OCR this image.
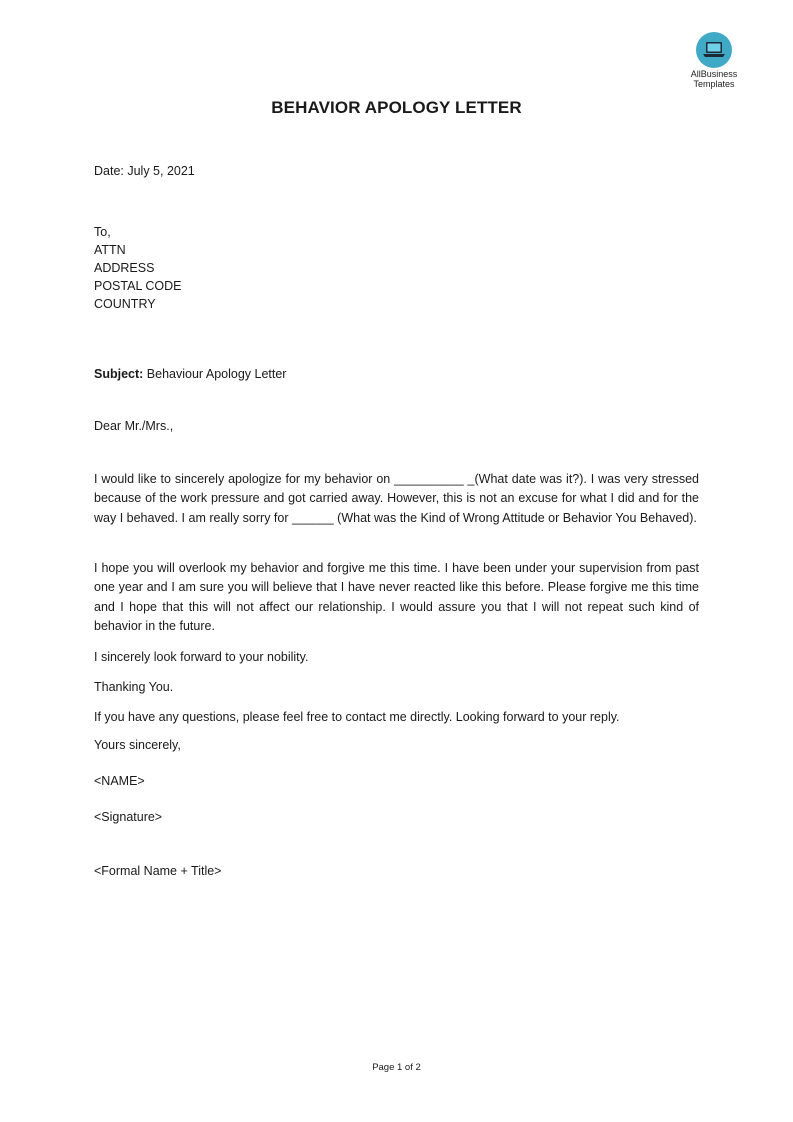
AllBusiness
Templates
BEHAVIOR APOLOGY LETTER
Date: July 5, 2021
To,
ATTN
ADDRESS
POSTAL CODE
COUNTRY
Subject: Behaviour Apology Letter
Dear Mr./Mrs.,
I would like to sincerely apologize for my behavior on __________ _(What date was it?). I was very stressed because of the work pressure and got carried away. However, this is not an excuse for what I did and for the way I behaved. I am really sorry for ______ (What was the Kind of Wrong Attitude or Behavior You Behaved).
I hope you will overlook my behavior and forgive me this time. I have been under your supervision from past one year and I am sure you will believe that I have never reacted like this before. Please forgive me this time and I hope that this will not affect our relationship. I would assure you that I will not repeat such kind of behavior in the future.
I sincerely look forward to your nobility.
Thanking You.
If you have any questions, please feel free to contact me directly. Looking forward to your reply.
Yours sincerely,
<NAME>
<Signature>
<Formal Name + Title>
Page 1 of 2
